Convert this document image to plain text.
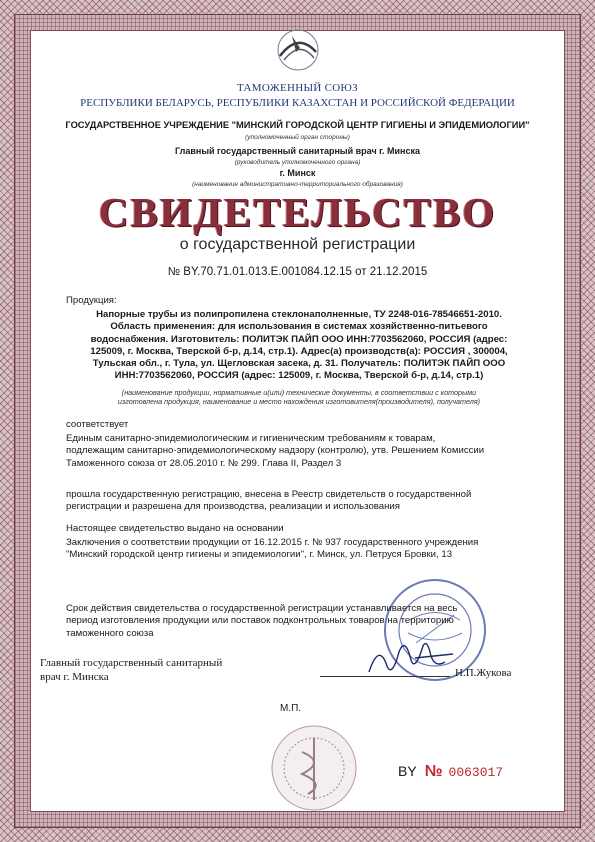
ТАМОЖЕННЫЙ СОЮЗ
РЕСПУБЛИКИ БЕЛАРУСЬ, РЕСПУБЛИКИ КАЗАХСТАН И РОССИЙСКОЙ ФЕДЕРАЦИИ
ГОСУДАРСТВЕННОЕ УЧРЕЖДЕНИЕ "МИНСКИЙ ГОРОДСКОЙ ЦЕНТР ГИГИЕНЫ И ЭПИДЕМИОЛОГИИ"
(уполномоченный орган стороны)
Главный государственный санитарный врач г. Минска
(руководитель уполномоченного органа)
г. Минск
(наименование административно-территориального образования)
СВИДЕТЕЛЬСТВО
о государственной регистрации
№ BY.70.71.01.013.Е.001084.12.15 от 21.12.2015
Продукция:
Напорные трубы из полипропилена стеклонаполненные, ТУ 2248-016-78546651-2010.
Область применения: для использования в системах хозяйственно-питьевого
водоснабжения. Изготовитель: ПОЛИТЭК ПАЙП ООО ИНН:7703562060, РОССИЯ (адрес:
125009, г. Москва, Тверской б-р, д.14, стр.1). Адрес(а) производств(а): РОССИЯ , 300004,
Тульская обл., г. Тула, ул. Щегловская засека, д. 31. Получатель: ПОЛИТЭК ПАЙП ООО
ИНН:7703562060, РОССИЯ (адрес: 125009, г. Москва, Тверской б-р, д.14, стр.1)
(наименование продукции, нормативные и(или) технические документы, в соответствии с которыми
изготовлена продукция, наименование и место нахождения изготовителя(производителя), получателя)
соответствует
Единым санитарно-эпидемиологическим и гигиеническим требованиям к товарам,
подлежащим санитарно-эпидемиологическому надзору (контролю), утв. Решением Комиссии
Таможенного союза от 28.05.2010 г. № 299. Глава II, Раздел 3
прошла государственную регистрацию, внесена в Реестр свидетельств о государственной
регистрации и разрешена для производства, реализации и использования
Настоящее свидетельство выдано на основании
Заключения о соответствии продукции от 16.12.2015 г. № 937 государственного учреждения
"Минский городской центр гигиены и эпидемиологии", г. Минск, ул. Петруся Бровки, 13
Срок действия свидетельства о государственной регистрации устанавливается на весь
период изготовления продукции или поставок подконтрольных товаров на территорию
таможенного союза
Главный государственный санитарный
врач г. Минска	Н.П.Жукова
М.П.
BY № 0063017
